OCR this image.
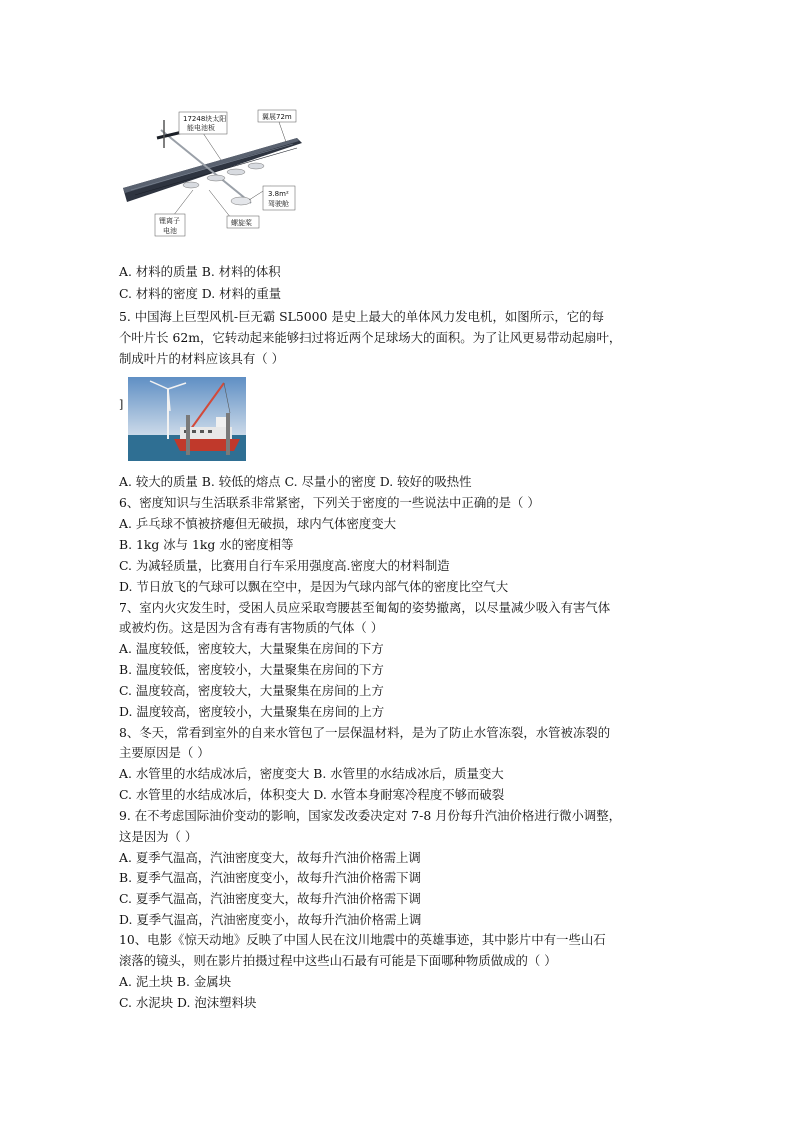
17248块太阳
能电池板
翼展72m
3.8m²
驾驶舱
螺旋桨
锂离子
电池
A. 材料的质量 B. 材料的体积
C. 材料的密度 D. 材料的重量
5. 中国海上巨型风机-巨无霸 SL5000 是史上最大的单体风力发电机，如图所示，它的每
个叶片长 62m，它转动起来能够扫过将近两个足球场大的面积。为了让风更易带动起扇叶，
制成叶片的材料应该具有（ ）
]
A. 较大的质量 B. 较低的熔点 C. 尽量小的密度 D. 较好的吸热性
6、密度知识与生活联系非常紧密，下列关于密度的一些说法中正确的是（ ）
A. 乒乓球不慎被挤瘪但无破损，球内气体密度变大
B. 1kg 冰与 1kg 水的密度相等
C. 为减轻质量，比赛用自行车采用强度高.密度大的材料制造
D. 节日放飞的气球可以飘在空中，是因为气球内部气体的密度比空气大
7、室内火灾发生时，受困人员应采取弯腰甚至匍匐的姿势撤离，以尽量减少吸入有害气体
或被灼伤。这是因为含有毒有害物质的气体（ ）
A. 温度较低，密度较大，大量聚集在房间的下方
B. 温度较低，密度较小，大量聚集在房间的下方
C. 温度较高，密度较大，大量聚集在房间的上方
D. 温度较高，密度较小，大量聚集在房间的上方
8、冬天，常看到室外的自来水管包了一层保温材料，是为了防止水管冻裂，水管被冻裂的
主要原因是（ ）
A. 水管里的水结成冰后，密度变大 B. 水管里的水结成冰后，质量变大
C. 水管里的水结成冰后，体积变大 D. 水管本身耐寒冷程度不够而破裂
9. 在不考虑国际油价变动的影响，国家发改委决定对 7-8 月份每升汽油价格进行微小调整，
这是因为（ ）
A. 夏季气温高，汽油密度变大，故每升汽油价格需上调
B. 夏季气温高，汽油密度变小，故每升汽油价格需下调
C. 夏季气温高，汽油密度变大，故每升汽油价格需下调
D. 夏季气温高，汽油密度变小，故每升汽油价格需上调
10、电影《惊天动地》反映了中国人民在汶川地震中的英雄事迹，其中影片中有一些山石
滚落的镜头，则在影片拍摄过程中这些山石最有可能是下面哪种物质做成的（ ）
A. 泥土块 B. 金属块
C. 水泥块 D. 泡沫塑料块
